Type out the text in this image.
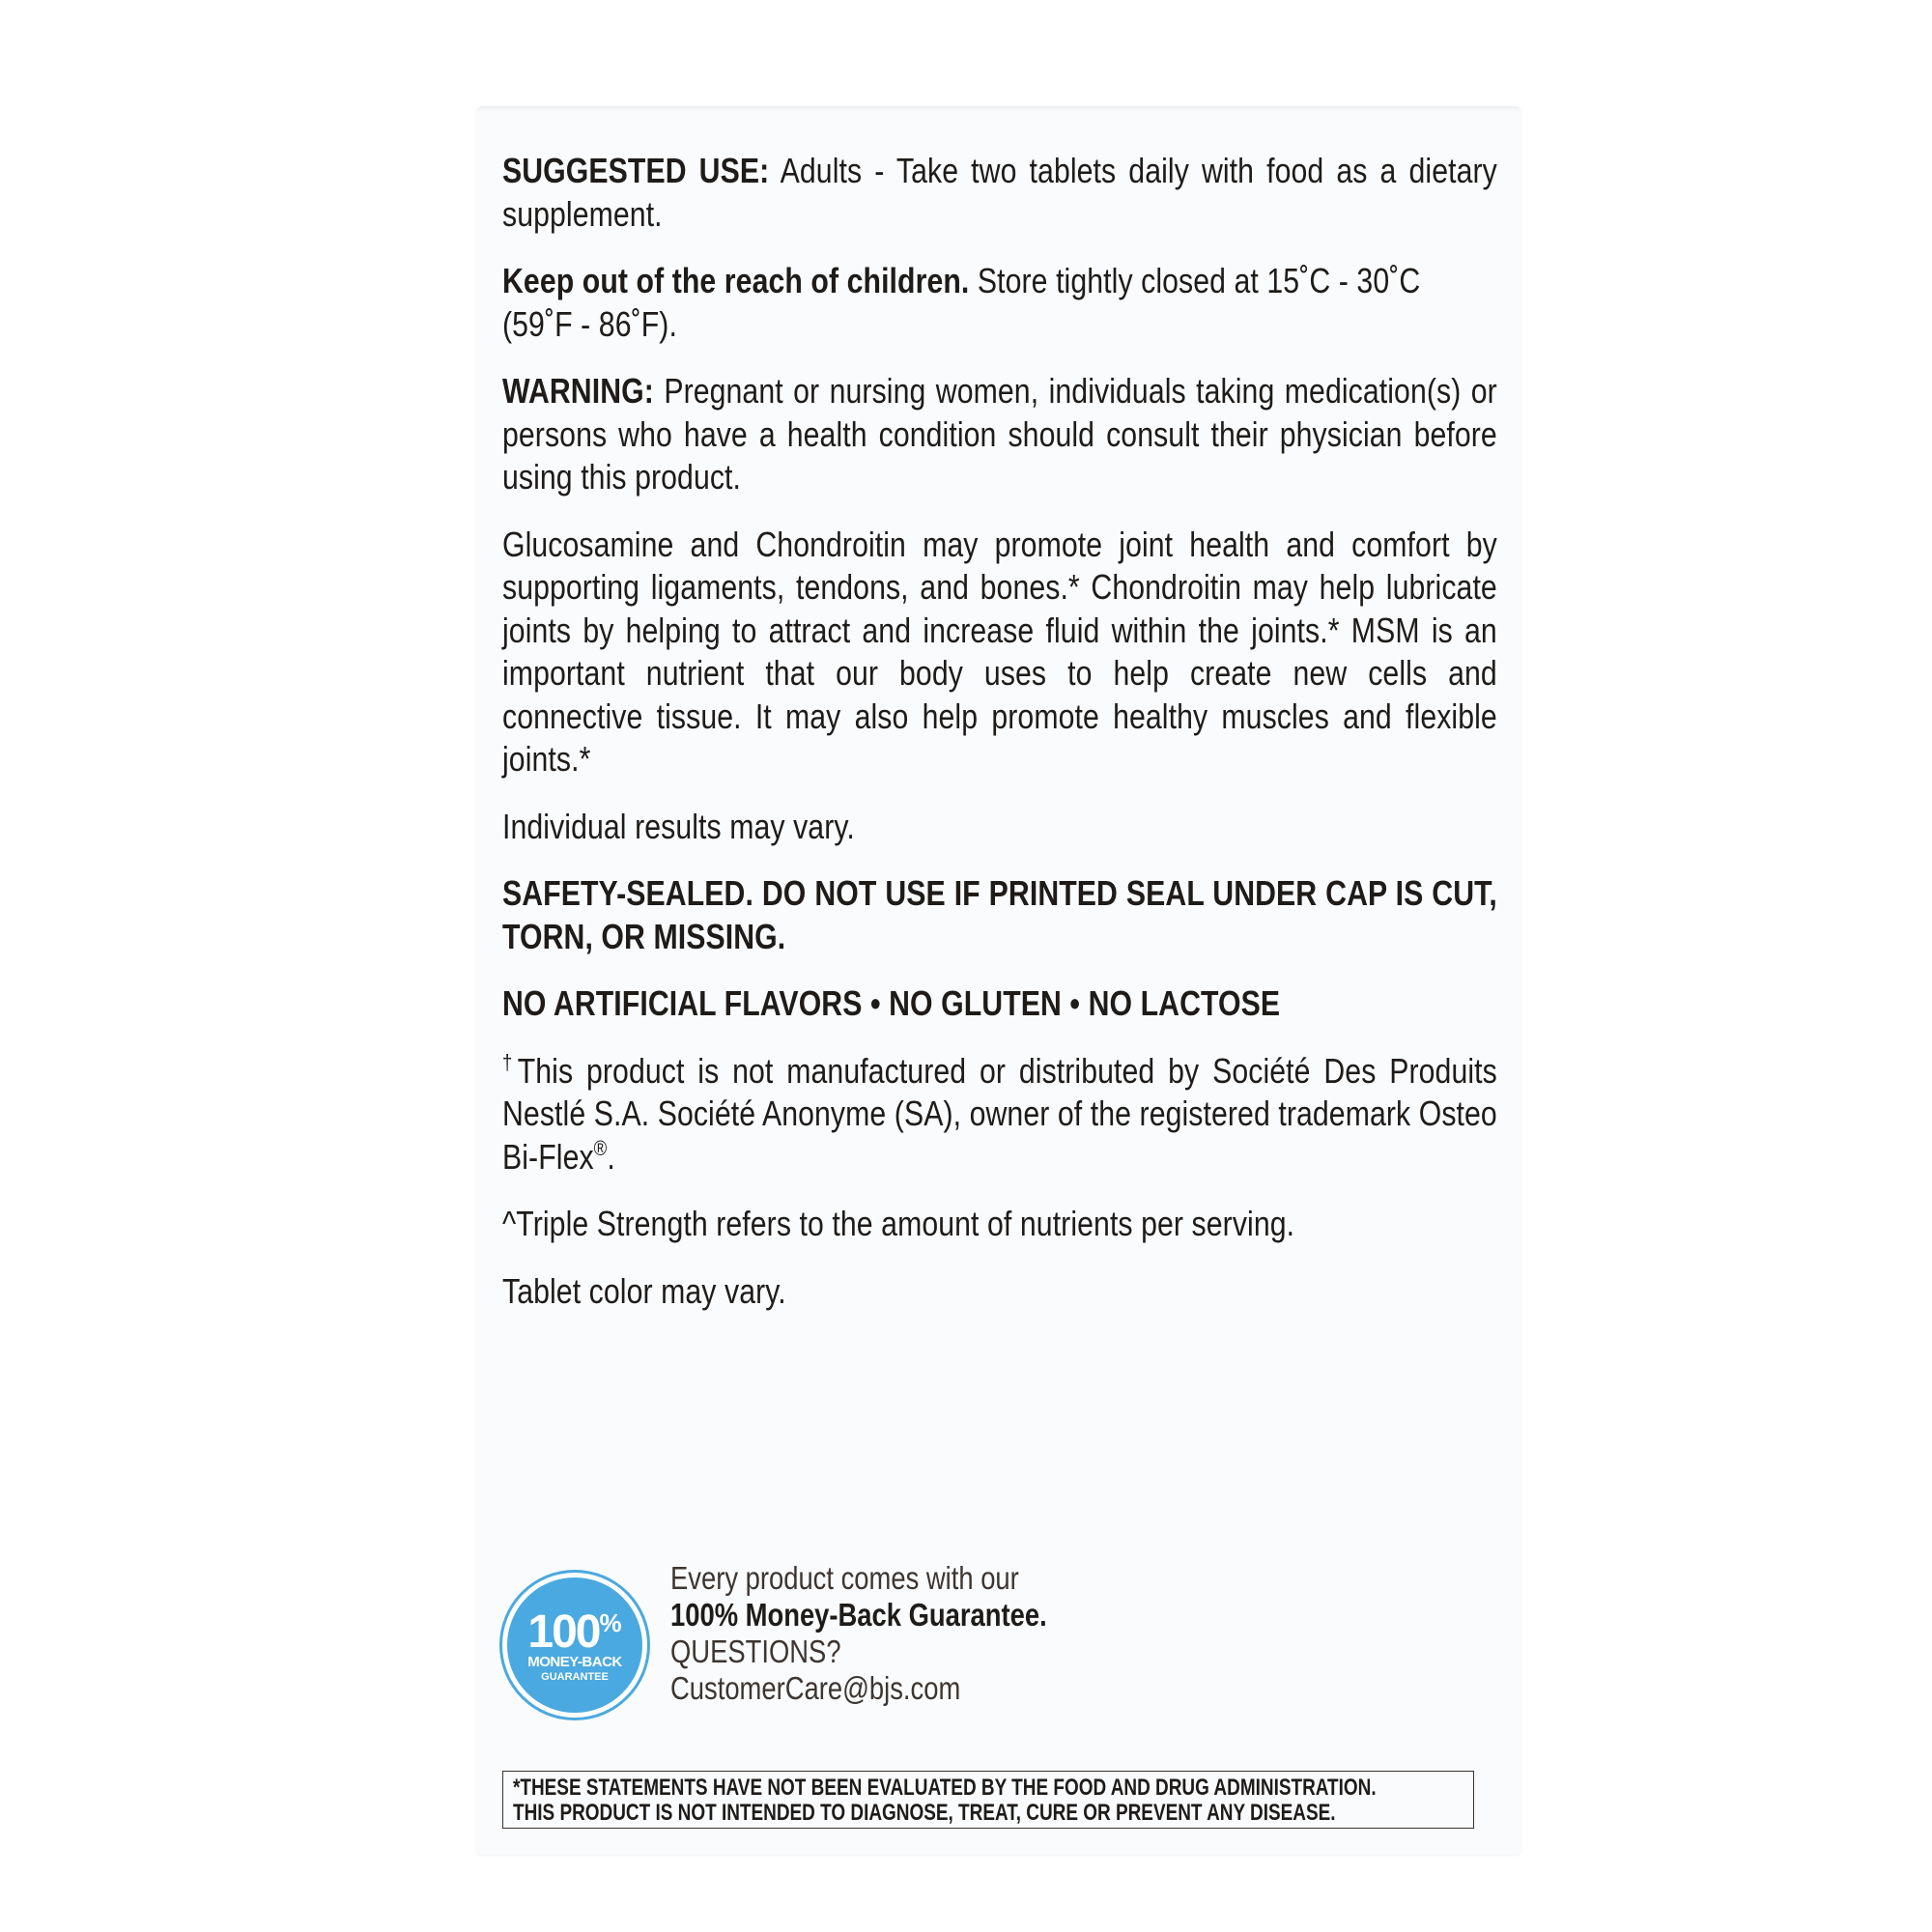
SUGGESTED USE: Adults - Take two tablets daily with food as a dietary supplement.

Keep out of the reach of children. Store tightly closed at 15˚C - 30˚C (59˚F - 86˚F).

WARNING: Pregnant or nursing women, individuals taking medication(s) or persons who have a health condition should consult their physician before using this product.

Glucosamine and Chondroitin may promote joint health and comfort by supporting ligaments, tendons, and bones.* Chondroitin may help lubricate joints by helping to attract and increase fluid within the joints.* MSM is an important nutrient that our body uses to help create new cells and connective tissue. It may also help promote healthy muscles and flexible joints.*

Individual results may vary.

SAFETY-SEALED. DO NOT USE IF PRINTED SEAL UNDER CAP IS CUT, TORN, OR MISSING.

NO ARTIFICIAL FLAVORS • NO GLUTEN • NO LACTOSE

†This product is not manufactured or distributed by Société Des Produits Nestlé S.A. Société Anonyme (SA), owner of the registered trademark Osteo Bi-Flex®.

^Triple Strength refers to the amount of nutrients per serving.

Tablet color may vary.

100%
MONEY-BACK
GUARANTEE
Every product comes with our
100% Money-Back Guarantee.
QUESTIONS?
CustomerCare@bjs.com
*THESE STATEMENTS HAVE NOT BEEN EVALUATED BY THE FOOD AND DRUG ADMINISTRATION.
THIS PRODUCT IS NOT INTENDED TO DIAGNOSE, TREAT, CURE OR PREVENT ANY DISEASE.
